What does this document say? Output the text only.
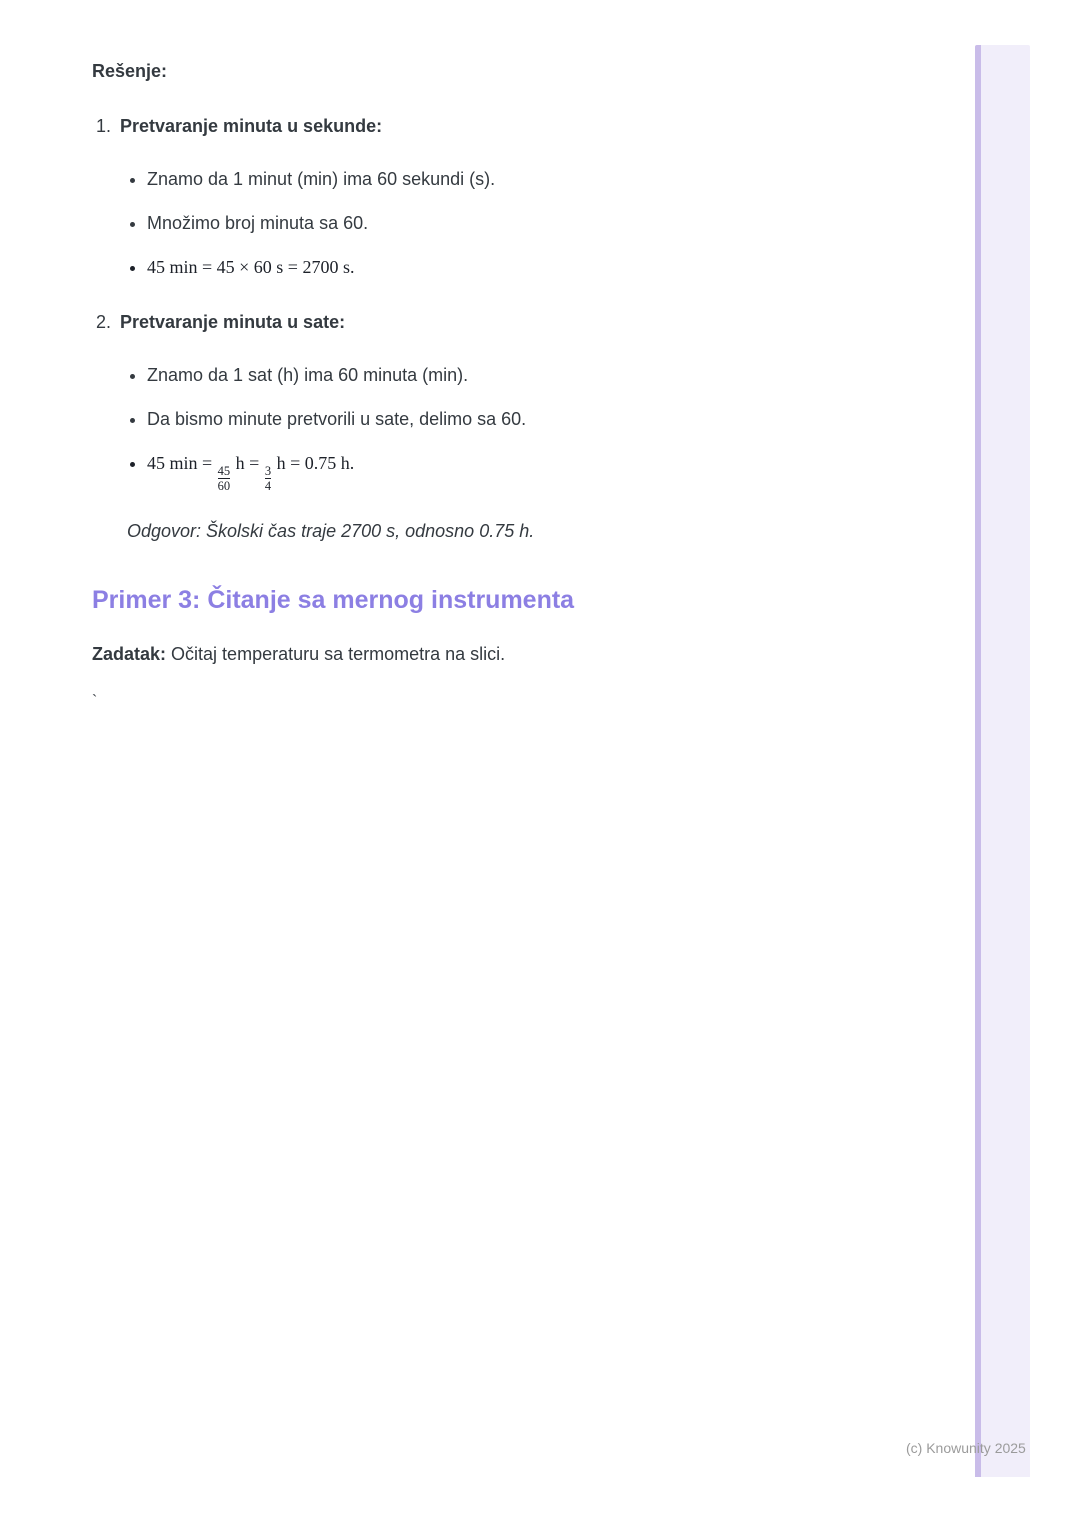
(c) Knowunity 2025
Rešenje:
1. Pretvaranje minuta u sekunde:
• Znamo da 1 minut (min) ima 60 sekundi (s).
• Množimo broj minuta sa 60.
• 45 min = 45 × 60 s = 2700 s.
2. Pretvaranje minuta u sate:
• Znamo da 1 sat (h) ima 60 minuta (min).
• Da bismo minute pretvorili u sate, delimo sa 60.
• 45 min =
$\frac{45}{60}$
h =
$\frac{3}{4}$
h = 0.75 h.

Odgovor: Školski čas traje 2700 s, odnosno 0.75 h.

Primer 3: Čitanje sa mernog instrumenta

Zadatak: Očitaj temperaturu sa termometra na slici.

`
